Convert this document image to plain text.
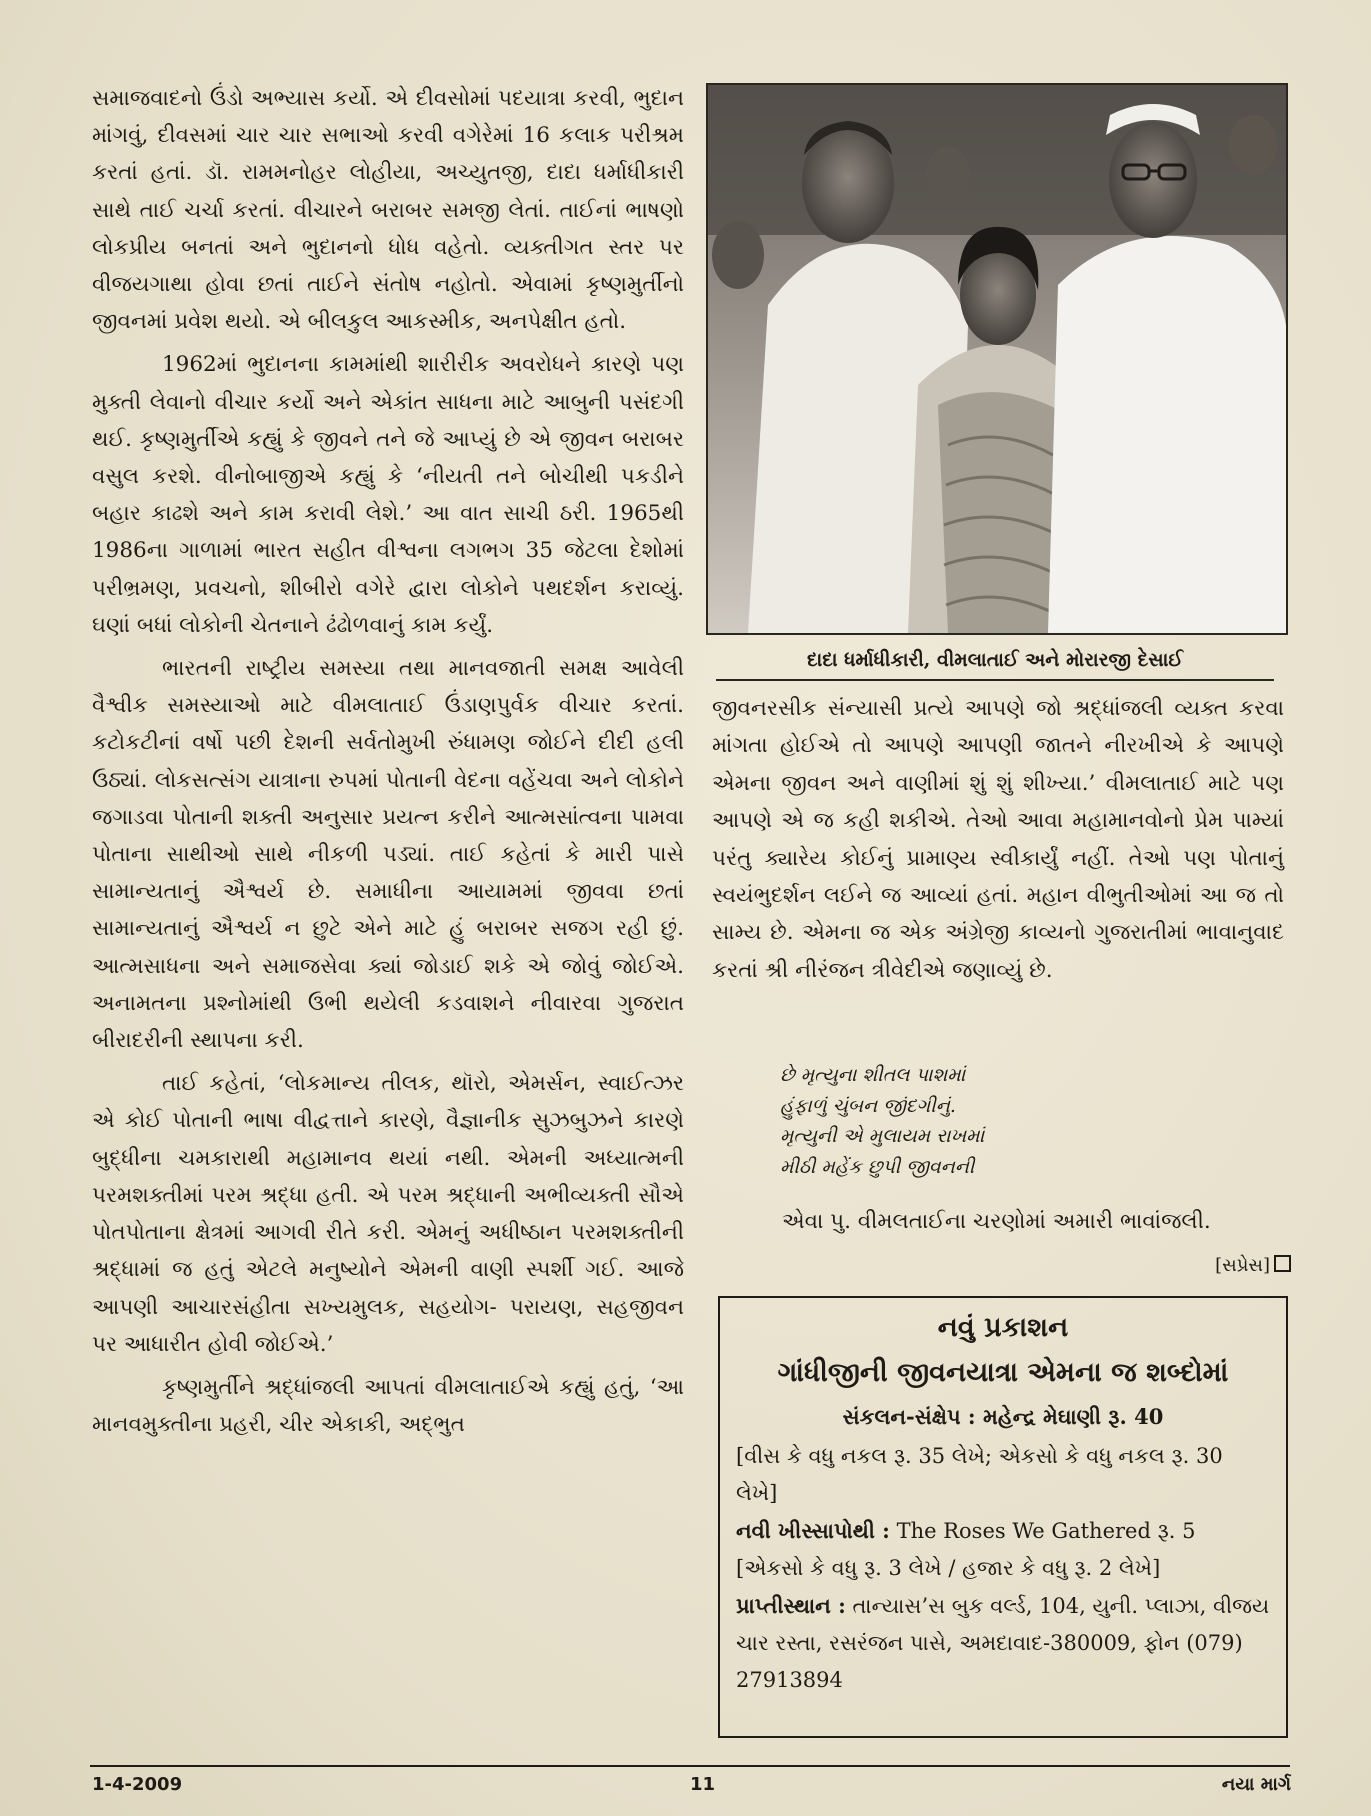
સમાજવાદનો ઉંડો અભ્યાસ કર્યો. એ દીવસોમાં પદયાત્રા કરવી, ભુદાન માંગવું, દીવસમાં ચાર ચાર સભાઓ કરવી વગેરેમાં 16 કલાક પરીશ્રમ કરતાં હતાં. ડૉ. રામમનોહર લોહીયા, અચ્યુતજી, દાદા ધર્માધીકારી સાથે તાઈ ચર્ચા કરતાં. વીચારને બરાબર સમજી લેતાં. તાઈનાં ભાષણો લોકપ્રીય બનતાં અને ભુદાનનો ધોધ વહેતો. વ્યક્તીગત સ્તર પર વીજયગાથા હોવા છતાં તાઈને સંતોષ નહોતો. એવામાં કૃષ્ણમુર્તીનો જીવનમાં પ્રવેશ થયો. એ બીલકુલ આકસ્મીક, અનપેક્ષીત હતો.

1962માં ભુદાનના કામમાંથી શારીરીક અવરોધને કારણે પણ મુક્તી લેવાનો વીચાર કર્યો અને એકાંત સાધના માટે આબુની પસંદગી થઈ. કૃષ્ણમુર્તીએ કહ્યું કે જીવને તને જે આપ્યું છે એ જીવન બરાબર વસુલ કરશે. વીનોબાજીએ કહ્યું કે ‘નીયતી તને બોચીથી પકડીને બહાર કાઢશે અને કામ કરાવી લેશે.’ આ વાત સાચી ઠરી. 1965થી 1986ના ગાળામાં ભારત સહીત વીશ્વના લગભગ 35 જેટલા દેશોમાં પરીભ્રમણ, પ્રવચનો, શીબીરો વગેરે દ્વારા લોકોને પથદર્શન કરાવ્યું. ઘણાં બધાં લોકોની ચેતનાને ઢંઢોળવાનું કામ કર્યું.

ભારતની રાષ્ટ્રીય સમસ્યા તથા માનવજાતી સમક્ષ આવેલી વૈશ્વીક સમસ્યાઓ માટે વીમલાતાઈ ઉંડાણપુર્વક વીચાર કરતાં. કટોકટીનાં વર્ષો પછી દેશની સર્વતોમુખી રુંધામણ જોઈને દીદી હલી ઉઠ્યાં. લોકસત્સંગ યાત્રાના રુપમાં પોતાની વેદના વહેંચવા અને લોકોને જગાડવા પોતાની શક્તી અનુસાર પ્રયત્ન કરીને આત્મસાંત્વના પામવા પોતાના સાથીઓ સાથે નીકળી પડ્યાં. તાઈ કહેતાં કે મારી પાસે સામાન્યતાનું ઐશ્વર્ય છે. સમાધીના આયામમાં જીવવા છતાં સામાન્યતાનું ઐશ્વર્ય ન છુટે એને માટે હું બરાબર સજગ રહી છું. આત્મસાધના અને સમાજસેવા ક્યાં જોડાઈ શકે એ જોવું જોઈએ. અનામતના પ્રશ્નોમાંથી ઉભી થયેલી કડવાશને નીવારવા ગુજરાત બીરાદરીની સ્થાપના કરી.

તાઈ કહેતાં, ‘લોકમાન્ય તીલક, થૉરો, એમર્સન, સ્વાઈત્ઝર એ કોઈ પોતાની ભાષા વીદ્વત્તાને કારણે, વૈજ્ઞાનીક સુઝબુઝને કારણે બુદ્ધીના ચમકારાથી મહામાનવ થયાં નથી. એમની અધ્યાત્મની પરમશક્તીમાં પરમ શ્રદ્ધા હતી. એ પરમ શ્રદ્ધાની અભીવ્યક્તી સૌએ પોતપોતાના ક્ષેત્રમાં આગવી રીતે કરી. એમનું અધીષ્ઠાન પરમશક્તીની શ્રદ્ધામાં જ હતું એટલે મનુષ્યોને એમની વાણી સ્પર્શી ગઈ. આજે આપણી આચારસંહીતા સખ્યમુલક, સહયોગ- પરાયણ, સહજીવન પર આધારીત હોવી જોઈએ.’

કૃષ્ણમુર્તીને શ્રદ્ધાંજલી આપતાં વીમલાતાઈએ કહ્યું હતું, ‘આ માનવમુક્તીના પ્રહરી, ચીર એકાકી, અદ્ભુત

દાદા ધર્માધીકારી, વીમલાતાઈ અને મોરારજી દેસાઈ

જીવનરસીક સંન્યાસી પ્રત્યે આપણે જો શ્રદ્ધાંજલી વ્યક્ત કરવા માંગતા હોઈએ તો આપણે આપણી જાતને નીરખીએ કે આપણે એમના જીવન અને વાણીમાં શું શું શીખ્યા.’ વીમલાતાઈ માટે પણ આપણે એ જ કહી શકીએ. તેઓ આવા મહામાનવોનો પ્રેમ પામ્યાં પરંતુ ક્યારેય કોઈનું પ્રામાણ્ય સ્વીકાર્યું નહીં. તેઓ પણ પોતાનું સ્વયંભુદર્શન લઈને જ આવ્યાં હતાં. મહાન વીભુતીઓમાં આ જ તો સામ્ય છે. એમના જ એક અંગ્રેજી કાવ્યનો ગુજરાતીમાં ભાવાનુવાદ કરતાં શ્રી નીરંજન ત્રીવેદીએ જણાવ્યું છે.

છે મૃત્યુના શીતલ પાશમાં
હુંફાળું ચુંબન જીંદગીનું.
મૃત્યુની એ મુલાયમ રાખમાં
મીઠી મહેંક છુપી જીવનની
એવા પુ. વીમલતાઈના ચરણોમાં અમારી ભાવાંજલી.
[સપ્રેસ]
નવું પ્રકાશન
ગાંધીજીની જીવનયાત્રા એમના જ શબ્દોમાં
સંકલન-સંક્ષેપ : મહેન્દ્ર મેઘાણી રૂ. 40
[વીસ કે વધુ નકલ રૂ. 35 લેખે; એકસો કે વધુ નકલ રૂ. 30 લેખે]
નવી ખીસ્સાપોથી : The Roses We Gathered રૂ. 5
[એકસો કે વધુ રૂ. 3 લેખે / હજાર કે વધુ રૂ. 2 લેખે]
પ્રાપ્તીસ્થાન : તાન્યાસ’સ બુક વર્લ્ડ, 104, યુની. પ્લાઝા, વીજય ચાર રસ્તા, રસરંજન પાસે, અમદાવાદ-380009, ફોન (079) 27913894
1-4-2009	11	નયા માર્ગ
